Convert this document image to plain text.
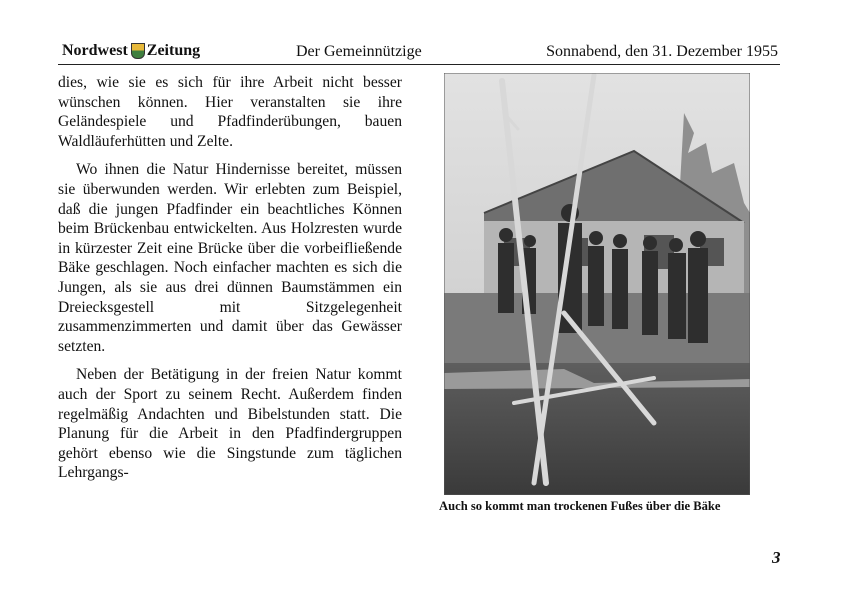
Nordwest Zeitung	Der Gemeinnützige	Sonnabend, den 31. Dezember 1955

dies, wie sie es sich für ihre Arbeit nicht besser wünschen können. Hier veranstalten sie ihre Geländespiele und Pfadfinderübungen, bauen Waldläuferhütten und Zelte.

Wo ihnen die Natur Hindernisse bereitet, müssen sie überwunden werden. Wir erlebten zum Beispiel, daß die jungen Pfadfinder ein beachtliches Können beim Brückenbau entwickelten. Aus Holzresten wurde in kürzester Zeit eine Brücke über die vorbeifließende Bäke geschlagen. Noch einfacher machten es sich die Jungen, als sie aus drei dünnen Baumstämmen ein Dreiecksgestell mit Sitzgelegenheit zusammenzimmerten und damit über das Gewässer setzten.

Neben der Betätigung in der freien Natur kommt auch der Sport zu seinem Recht. Außerdem finden regelmäßig Andachten und Bibelstunden statt. Die Planung für die Arbeit in den Pfadfindergruppen gehört ebenso wie die Singstunde zum täglichen Lehrgangs-

Auch so kommt man trockenen Fußes über die Bäke
3
